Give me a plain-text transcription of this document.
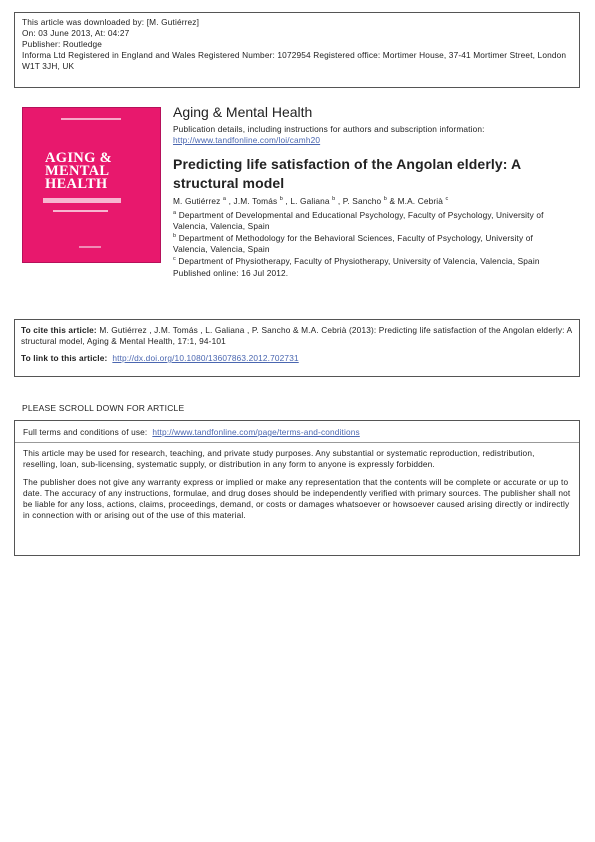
This article was downloaded by: [M. Gutiérrez]
On: 03 June 2013, At: 04:27
Publisher: Routledge
Informa Ltd Registered in England and Wales Registered Number: 1072954 Registered office: Mortimer House, 37-41 Mortimer Street, London W1T 3JH, UK
AGING &
MENTAL
HEALTH
Aging & Mental Health
Publication details, including instructions for authors and subscription information:
http://www.tandfonline.com/loi/camh20
Predicting life satisfaction of the Angolan elderly: A structural model
M. Gutiérrez $^a$ , J.M. Tomás $^b$ , L. Galiana $^b$ , P. Sancho $^b$ & M.A. Cebrià $^c$

$^a$ Department of Developmental and Educational Psychology, Faculty of Psychology, University of Valencia, Valencia, Spain

$^b$ Department of Methodology for the Behavioral Sciences, Faculty of Psychology, University of Valencia, Valencia, Spain

$^c$ Department of Physiotherapy, Faculty of Physiotherapy, University of Valencia, Valencia, Spain

Published online: 16 Jul 2012.

To cite this article: M. Gutiérrez , J.M. Tomás , L. Galiana , P. Sancho & M.A. Cebrià (2013): Predicting life satisfaction of the Angolan elderly: A structural model, Aging & Mental Health, 17:1, 94-101
To link to this article: http://dx.doi.org/10.1080/13607863.2012.702731
PLEASE SCROLL DOWN FOR ARTICLE
Full terms and conditions of use: http://www.tandfonline.com/page/terms-and-conditions

This article may be used for research, teaching, and private study purposes. Any substantial or systematic reproduction, redistribution, reselling, loan, sub-licensing, systematic supply, or distribution in any form to anyone is expressly forbidden.

The publisher does not give any warranty express or implied or make any representation that the contents will be complete or accurate or up to date. The accuracy of any instructions, formulae, and drug doses should be independently verified with primary sources. The publisher shall not be liable for any loss, actions, claims, proceedings, demand, or costs or damages whatsoever or howsoever caused arising directly or indirectly in connection with or arising out of the use of this material.
